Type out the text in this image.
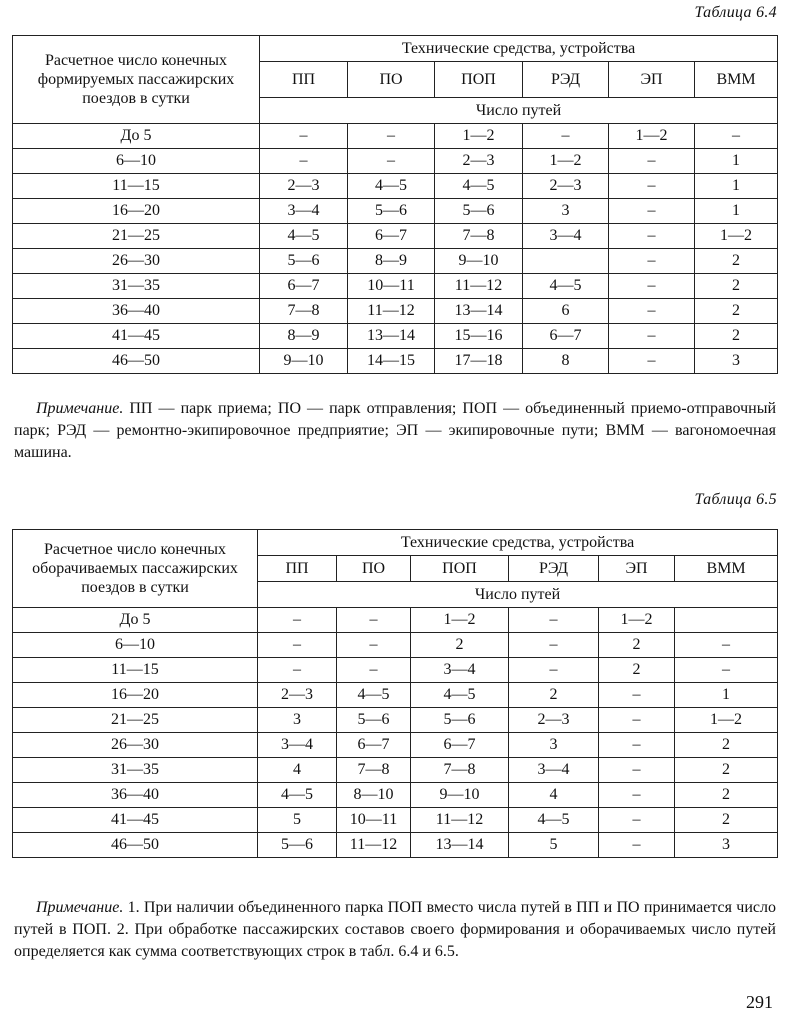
Таблица 6.4
Расчетное число конечных формируемых пассажирских поездов в сутки	Технические средства, устройства					
	ПП	ПО	ПОП	РЭД	ЭП	ВММ
	Число путей					
До 5	–	–	1—2	–	1—2	–
6—10	–	–	2—3	1—2	–	1
11—15	2—3	4—5	4—5	2—3	–	1
16—20	3—4	5—6	5—6	3	–	1
21—25	4—5	6—7	7—8	3—4	–	1—2
26—30	5—6	8—9	9—10		–	2
31—35	6—7	10—11	11—12	4—5	–	2
36—40	7—8	11—12	13—14	6	–	2
41—45	8—9	13—14	15—16	6—7	–	2
46—50	9—10	14—15	17—18	8	–	3

Примечание. ПП — парк приема; ПО — парк отправления; ПОП — объединенный приемо-отправочный парк; РЭД — ремонтно-экипировочное предприятие; ЭП — экипировочные пути; ВММ — вагономоечная машина.

Таблица 6.5
Расчетное число конечных оборачиваемых пассажирских поездов в сутки	Технические средства, устройства					
	ПП	ПО	ПОП	РЭД	ЭП	ВММ
	Число путей					
До 5	–	–	1—2	–	1—2	
6—10	–	–	2	–	2	–
11—15	–	–	3—4	–	2	–
16—20	2—3	4—5	4—5	2	–	1
21—25	3	5—6	5—6	2—3	–	1—2
26—30	3—4	6—7	6—7	3	–	2
31—35	4	7—8	7—8	3—4	–	2
36—40	4—5	8—10	9—10	4	–	2
41—45	5	10—11	11—12	4—5	–	2
46—50	5—6	11—12	13—14	5	–	3

Примечание. 1. При наличии объединенного парка ПОП вместо числа путей в ПП и ПО принимается число путей в ПОП. 2. При обработке пассажирских составов своего формирования и оборачиваемых число путей определяется как сумма соответствующих строк в табл. 6.4 и 6.5.

291
